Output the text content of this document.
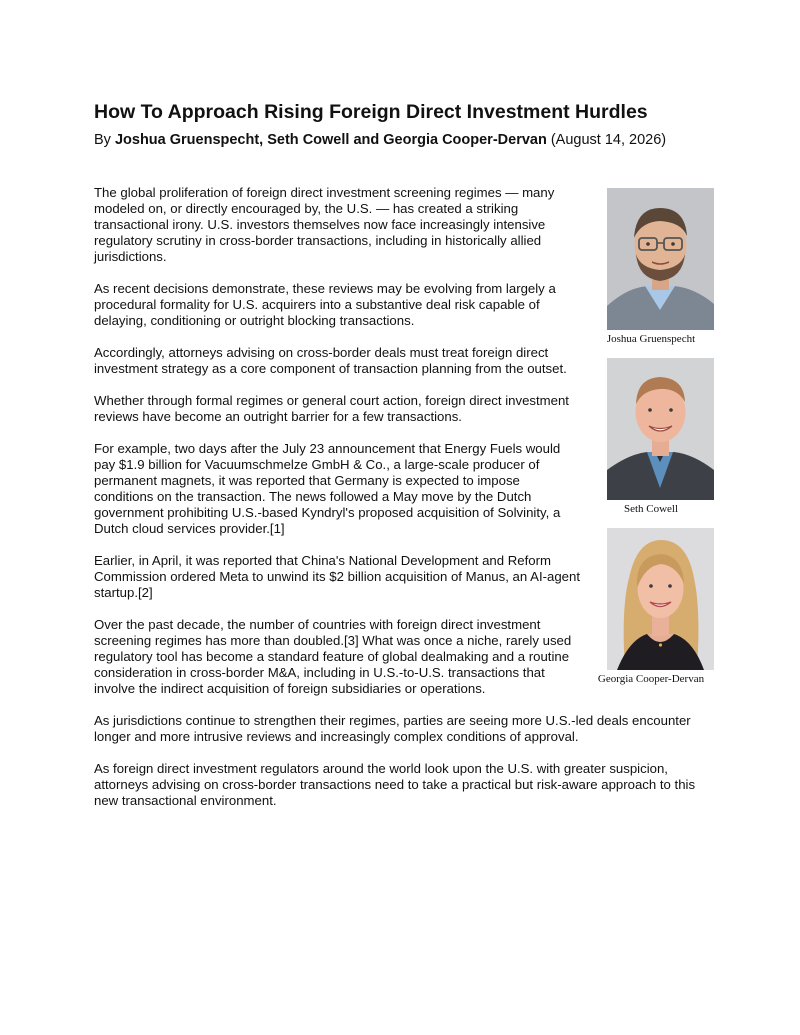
How To Approach Rising Foreign Direct Investment Hurdles
By Joshua Gruenspecht, Seth Cowell and Georgia Cooper-Dervan (August 14, 2026)
Joshua Gruenspecht
Seth Cowell
Georgia Cooper-Dervan

The global proliferation of foreign direct investment screening regimes — many modeled on, or directly encouraged by, the U.S. — has created a striking transactional irony. U.S. investors themselves now face increasingly intensive regulatory scrutiny in cross-border transactions, including in historically allied jurisdictions.

As recent decisions demonstrate, these reviews may be evolving from largely a procedural formality for U.S. acquirers into a substantive deal risk capable of delaying, conditioning or outright blocking transactions.

Accordingly, attorneys advising on cross-border deals must treat foreign direct investment strategy as a core component of transaction planning from the outset.

Whether through formal regimes or general court action, foreign direct investment reviews have become an outright barrier for a few transactions.

For example, two days after the July 23 announcement that Energy Fuels would pay $1.9 billion for Vacuumschmelze GmbH & Co., a large-scale producer of permanent magnets, it was reported that Germany is expected to impose conditions on the transaction. The news followed a May move by the Dutch government prohibiting U.S.-based Kyndryl's proposed acquisition of Solvinity, a Dutch cloud services provider.[1]

Earlier, in April, it was reported that China's National Development and Reform Commission ordered Meta to unwind its $2 billion acquisition of Manus, an AI-agent startup.[2]

Over the past decade, the number of countries with foreign direct investment screening regimes has more than doubled.[3] What was once a niche, rarely used regulatory tool has become a standard feature of global dealmaking and a routine consideration in cross-border M&A, including in U.S.-to-U.S. transactions that involve the indirect acquisition of foreign subsidiaries or operations.

As jurisdictions continue to strengthen their regimes, parties are seeing more U.S.-led deals encounter longer and more intrusive reviews and increasingly complex conditions of approval.

As foreign direct investment regulators around the world look upon the U.S. with greater suspicion, attorneys advising on cross-border transactions need to take a practical but risk-aware approach to this new transactional environment.
